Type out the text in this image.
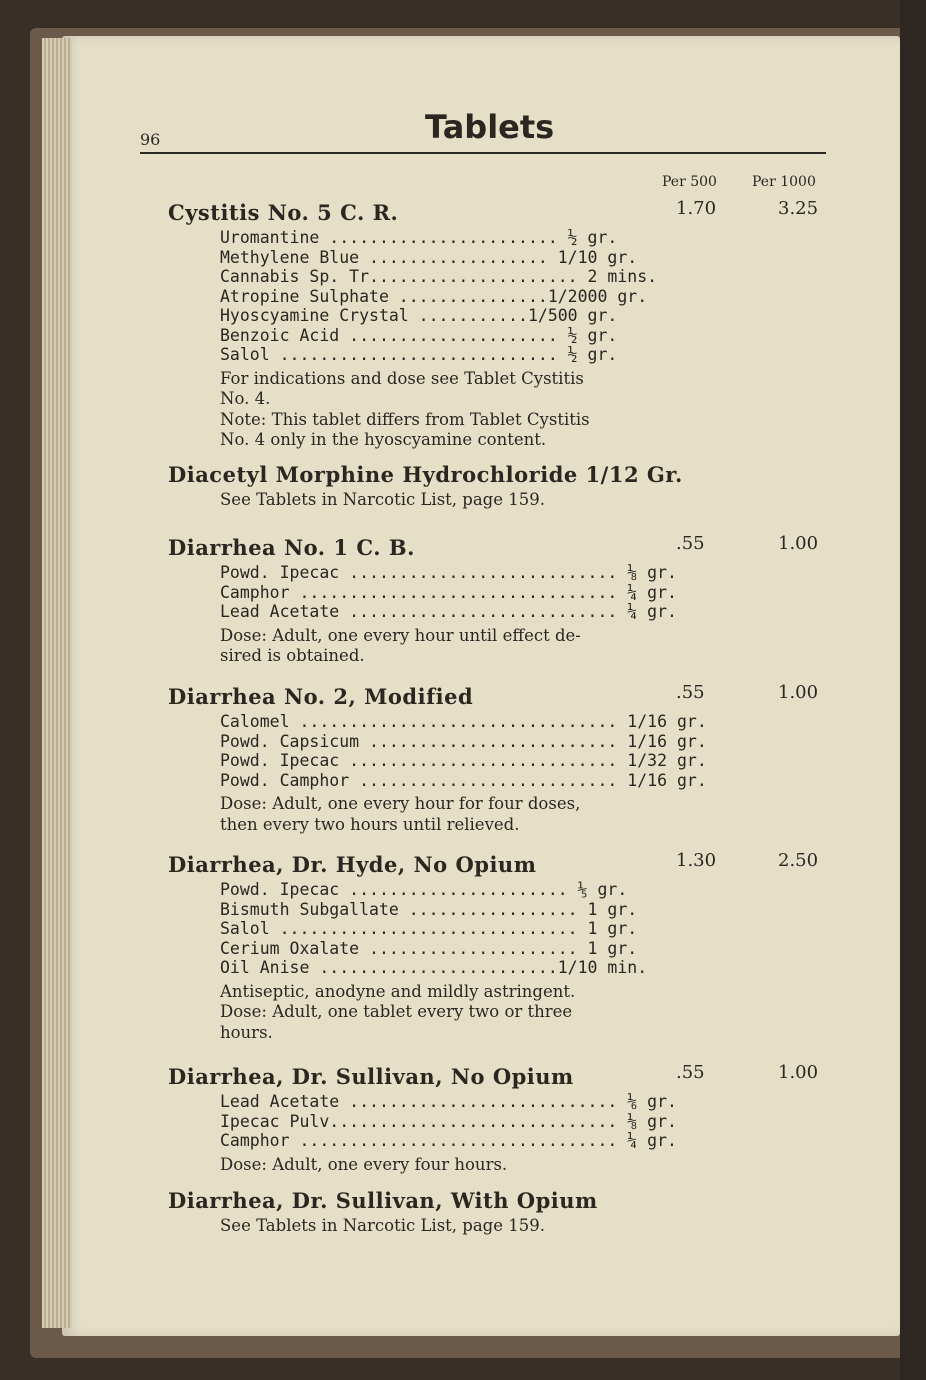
96	Tablets
Per 500	Per 1000
Cystitis No. 5 C. R.	1.70	3.25
Uromantine ....................... ½ gr.
Methylene Blue .................. 1/10 gr.
Cannabis Sp. Tr..................... 2 mins.
Atropine Sulphate ...............1/2000 gr.
Hyoscyamine Crystal ...........1/500 gr.
Benzoic Acid ..................... ½ gr.
Salol ............................ ½ gr.
For indications and dose see Tablet Cystitis
No. 4.
Note: This tablet differs from Tablet Cystitis
No. 4 only in the hyoscyamine content.
Diacetyl Morphine Hydrochloride 1/12 Gr.
See Tablets in Narcotic List, page 159.
Diarrhea No. 1 C. B.	.55	1.00
Powd. Ipecac ........................... ⅛ gr.
Camphor ................................ ¼ gr.
Lead Acetate ........................... ¼ gr.
Dose: Adult, one every hour until effect de-
sired is obtained.
Diarrhea No. 2, Modified	.55	1.00
Calomel ................................ 1/16 gr.
Powd. Capsicum ......................... 1/16 gr.
Powd. Ipecac ........................... 1/32 gr.
Powd. Camphor .......................... 1/16 gr.
Dose: Adult, one every hour for four doses,
then every two hours until relieved.
Diarrhea, Dr. Hyde, No Opium	1.30	2.50
Powd. Ipecac ...................... ⅕ gr.
Bismuth Subgallate ................. 1 gr.
Salol .............................. 1 gr.
Cerium Oxalate ..................... 1 gr.
Oil Anise ........................1/10 min.
Antiseptic, anodyne and mildly astringent.
Dose: Adult, one tablet every two or three
hours.
Diarrhea, Dr. Sullivan, No Opium	.55	1.00
Lead Acetate ........................... ⅙ gr.
Ipecac Pulv............................. ⅛ gr.
Camphor ................................ ¼ gr.
Dose: Adult, one every four hours.
Diarrhea, Dr. Sullivan, With Opium
See Tablets in Narcotic List, page 159.
